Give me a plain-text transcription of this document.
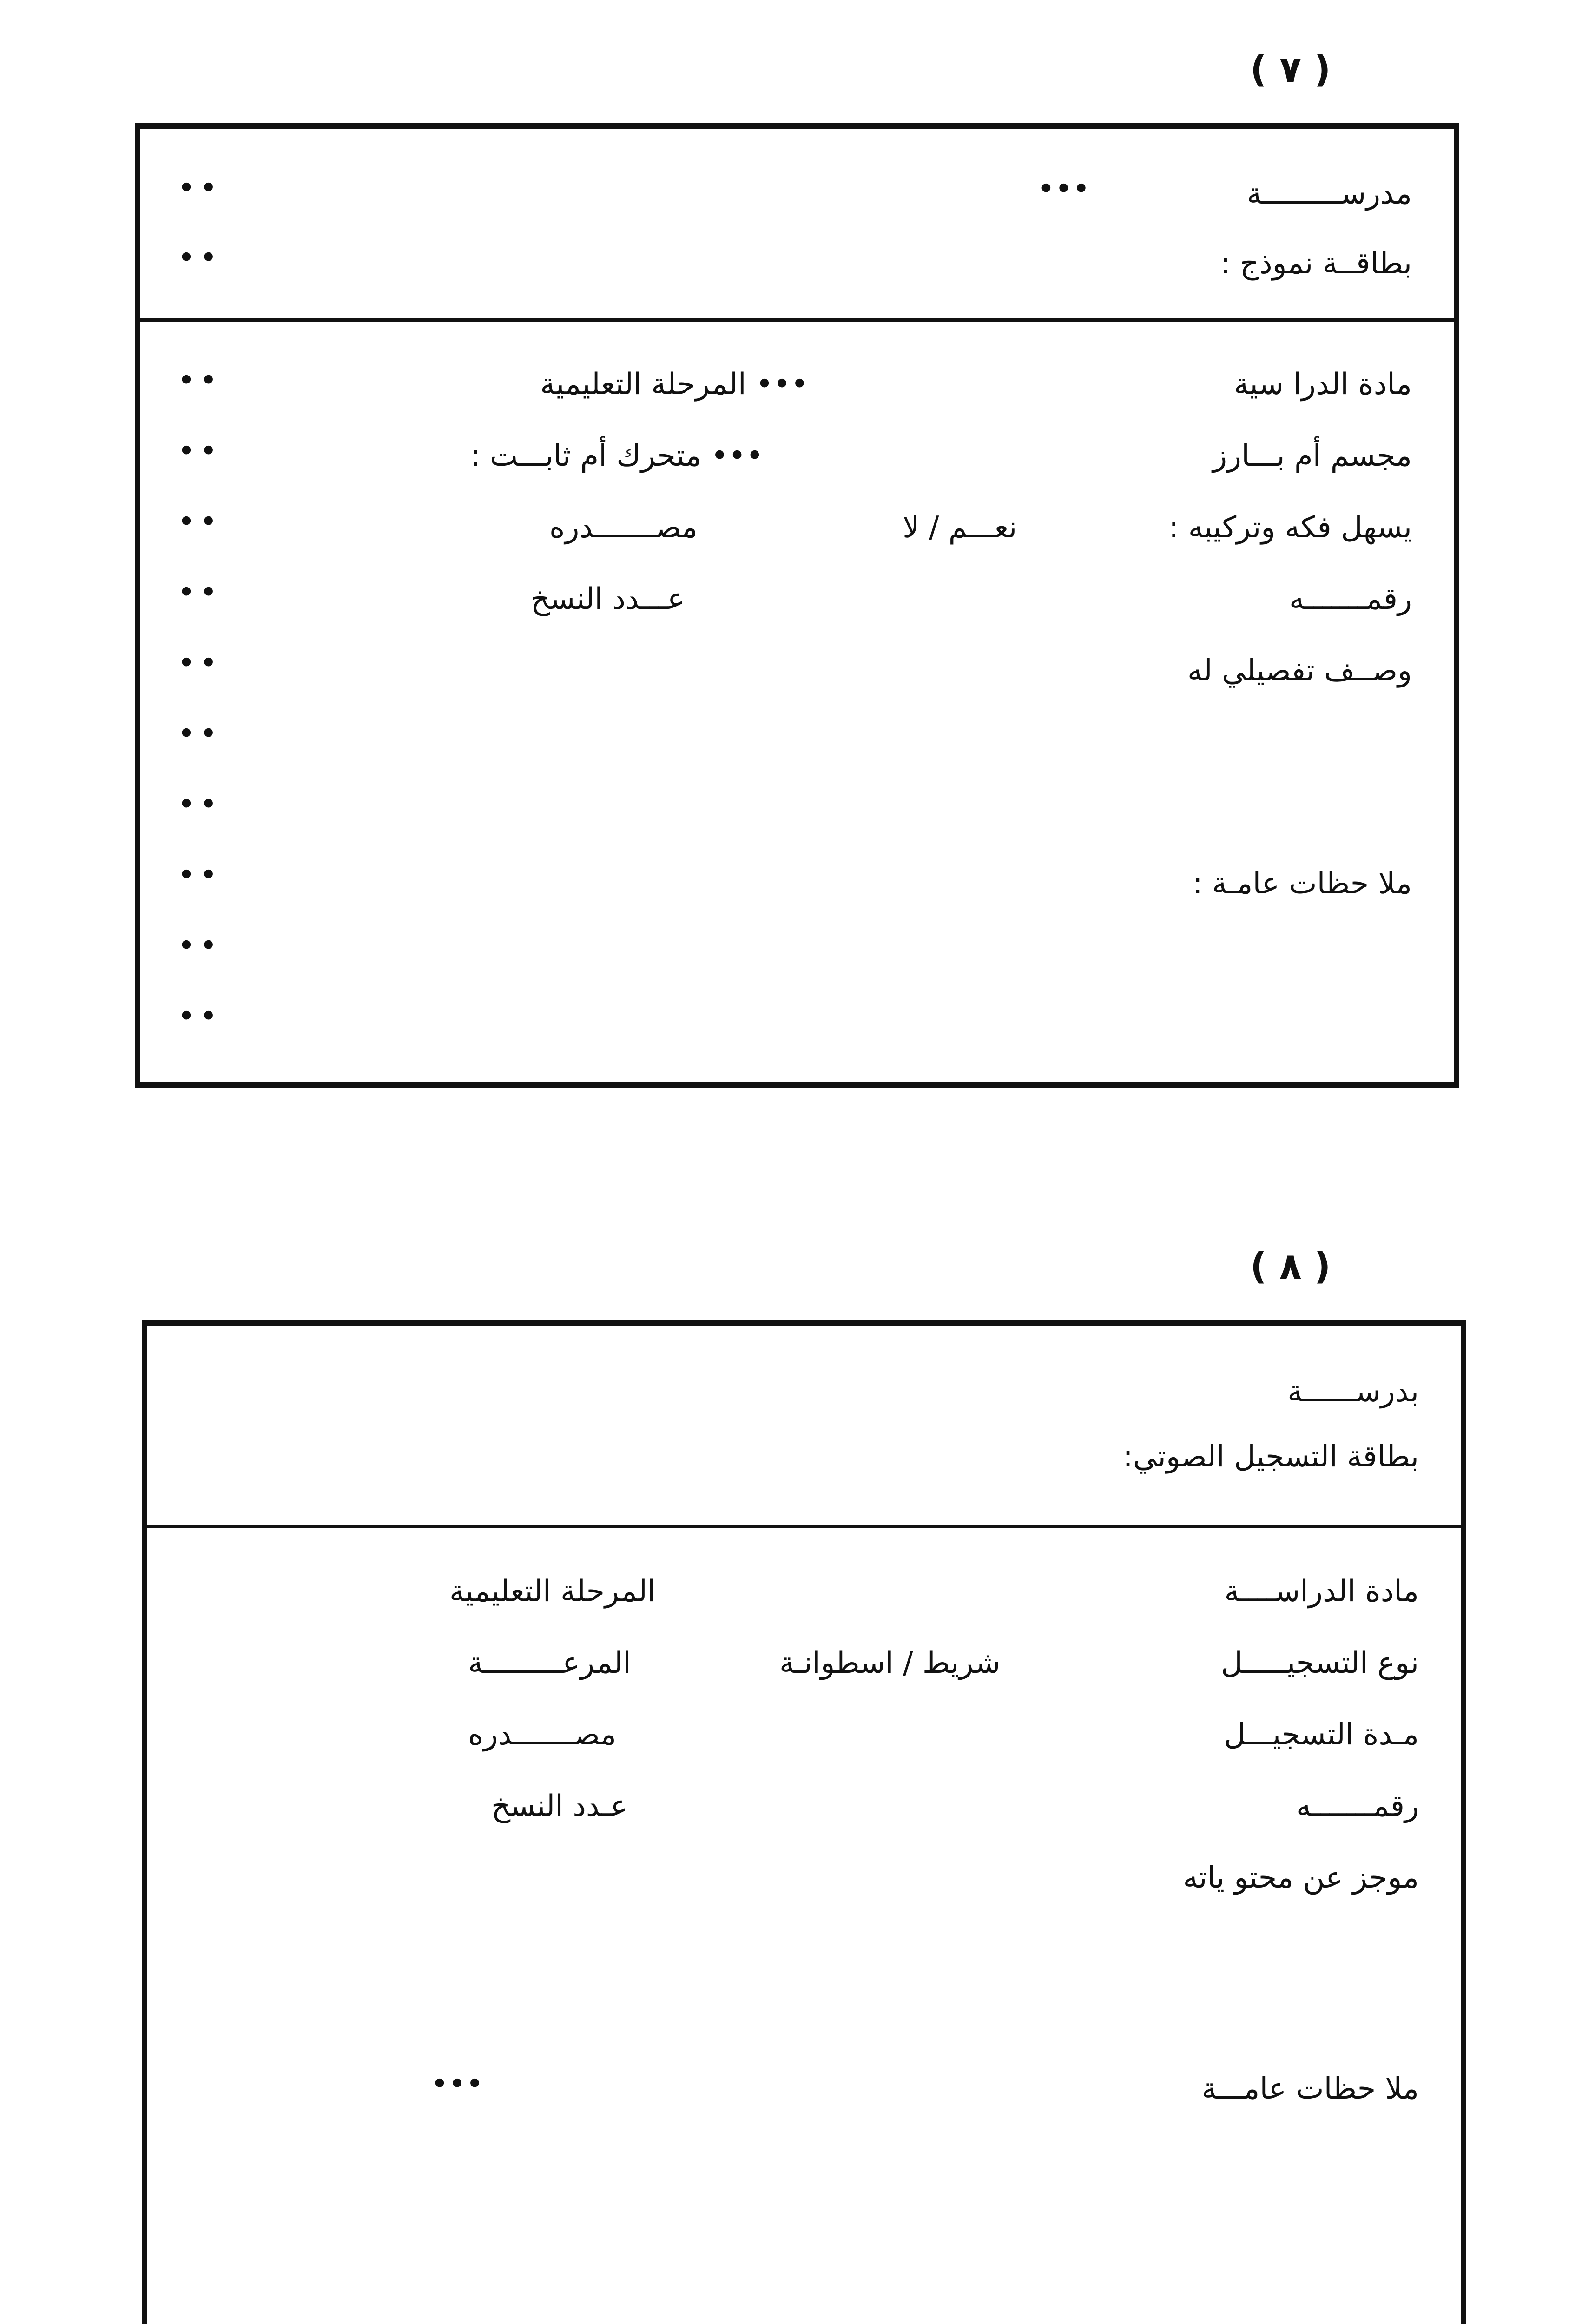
( ٧ )
مدرســـــــــة
•••
بطاقــة نموذج :
مادة الدرا سية
••• المرحلة التعليمية
مجسم أم بـــارز
••• متحرك أم ثابـــت :
يسهل فكه وتركيبه :
نعـــم / لا
مصـــــــدره
رقمـــــــه
عـــدد النسخ
وصــف تفصيلي له
ملا حظات عامـة :
••
••
••
••
••
••
••
••
••
••
••
••
( ٨ )
بدرســــــة
بطاقة التسجيل الصوتي:
مادة الدراســــة
المرحلة التعليمية
نوع التسجيـــــل
شريط / اسطوانـة
المرعـــــــــة
مـدة التسجيـــل
مصـــــــدره
رقمـــــــه
عـدد النسخ
موجز عن محتو ياته
ملا حظات عامـــة
•••
